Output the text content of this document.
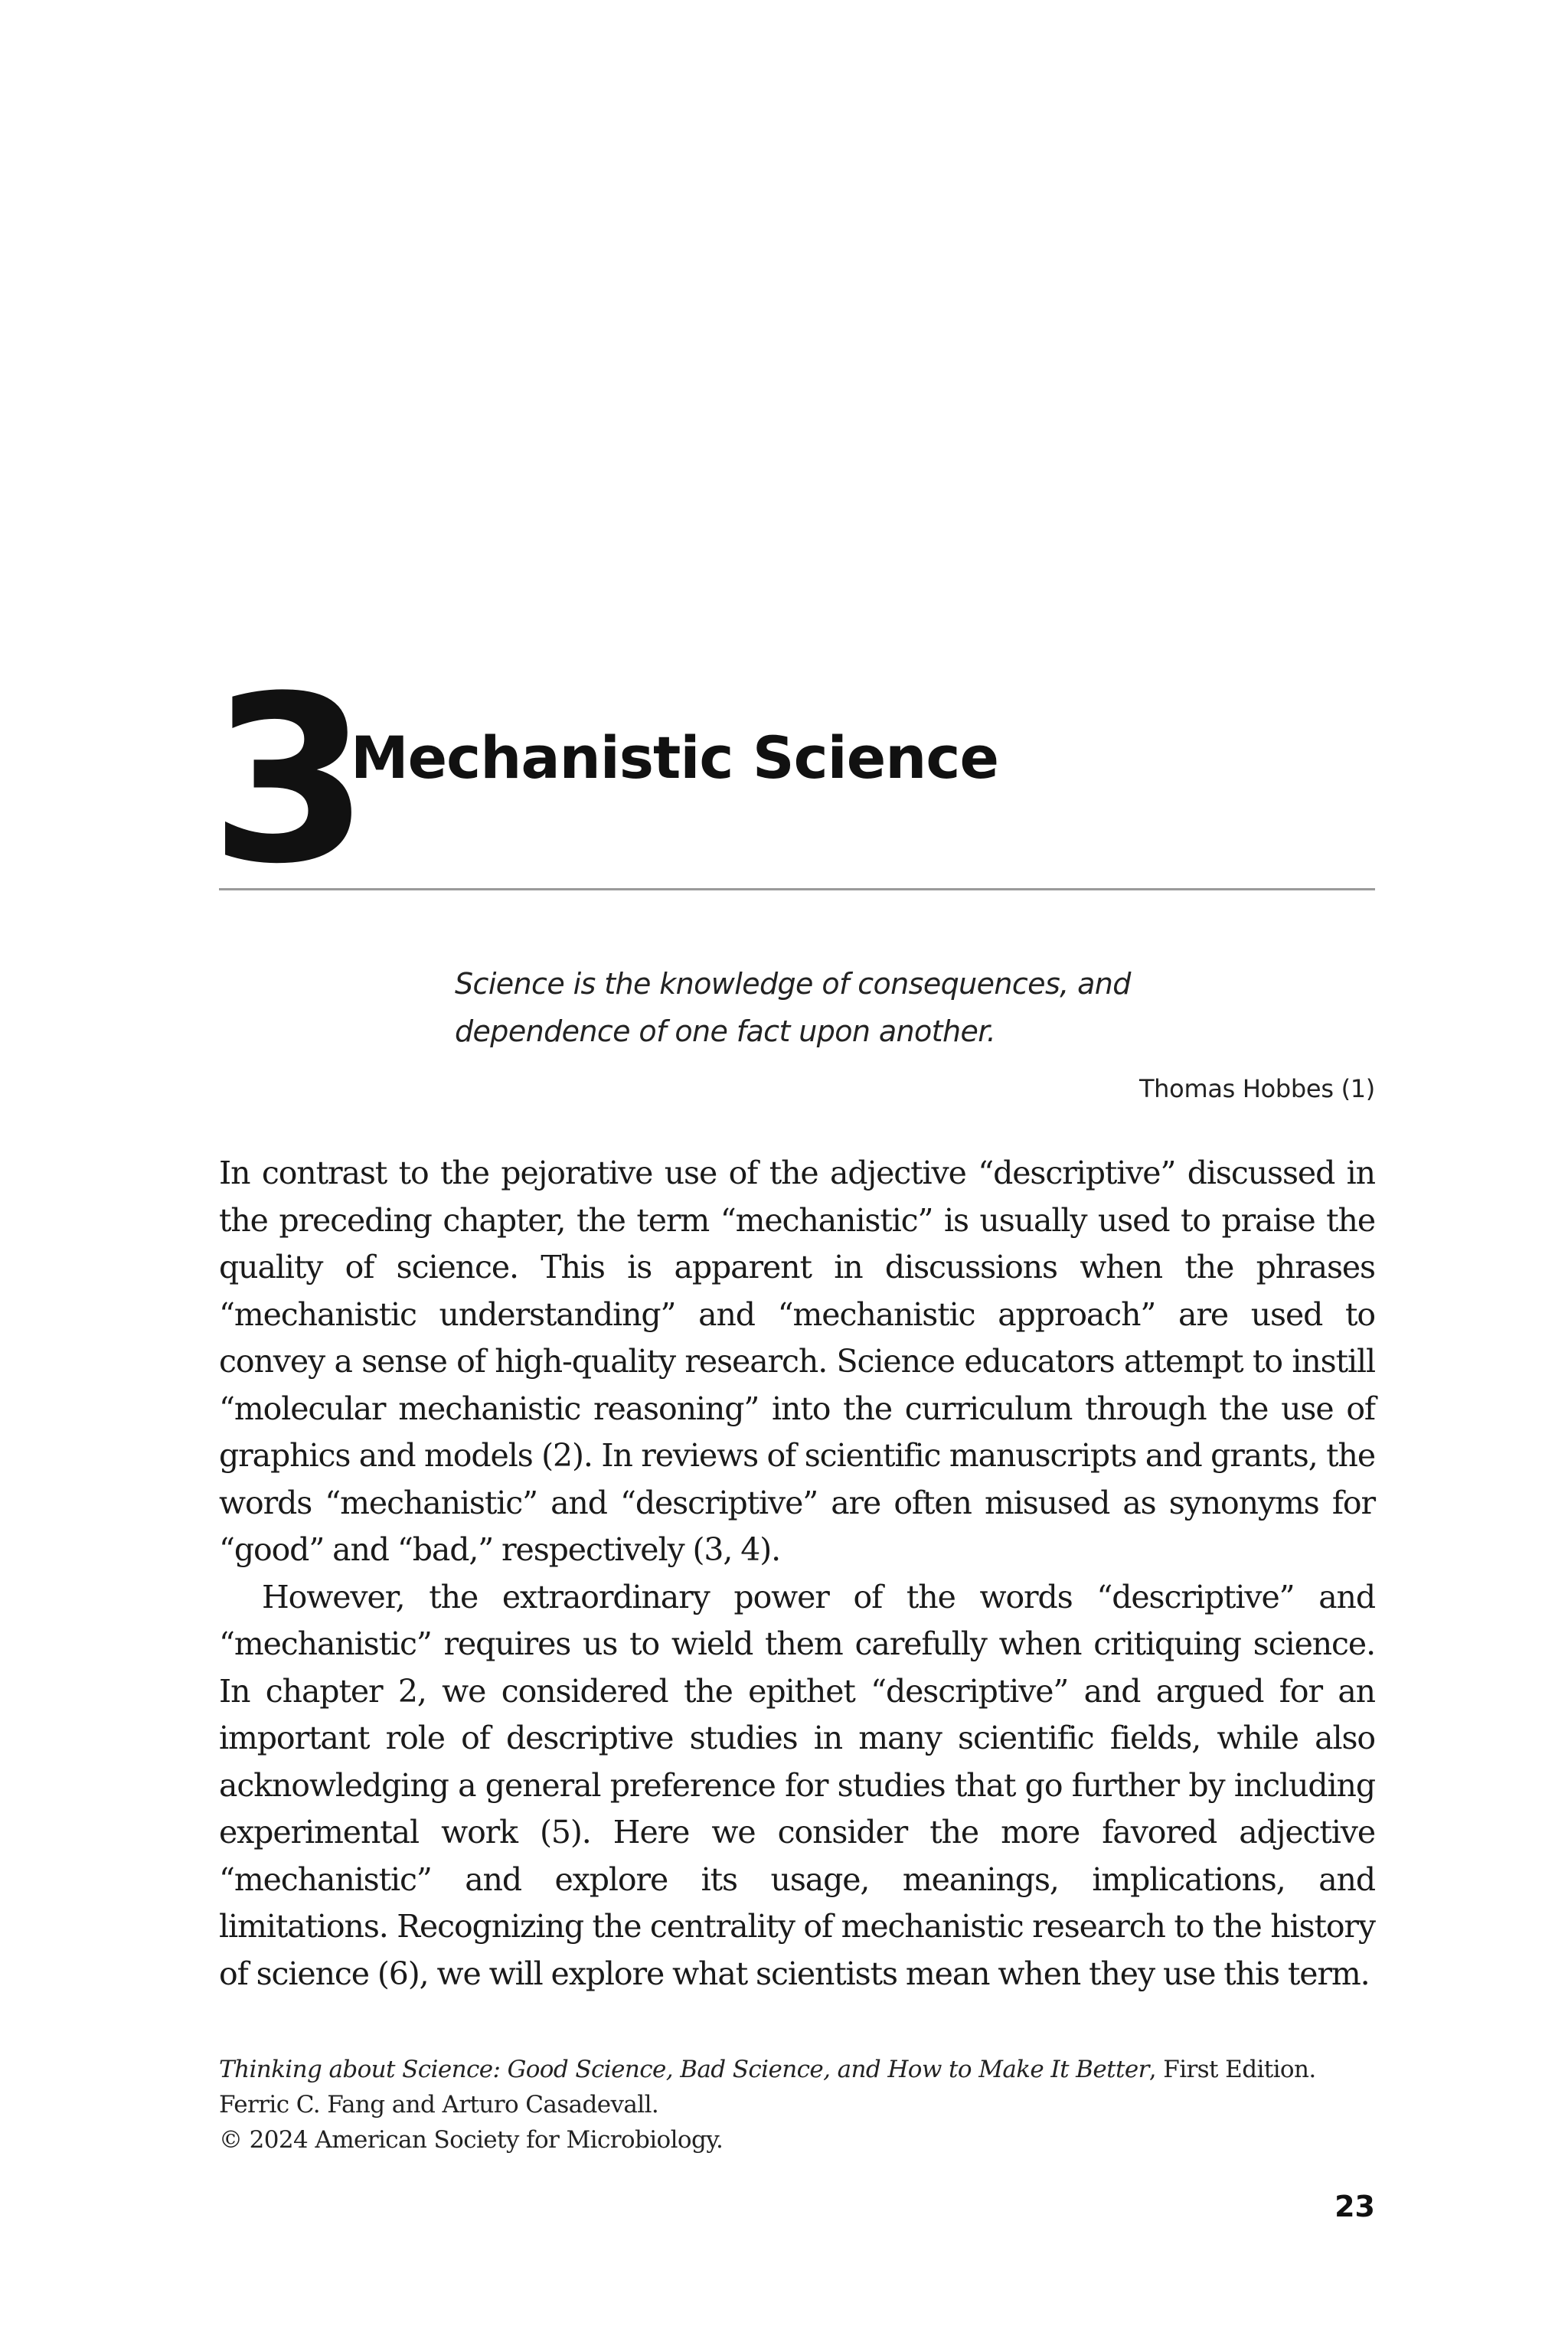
3
Mechanistic Science

Science is the knowledge of consequences, and dependence of one fact upon another.

Thomas Hobbes (1)

In contrast to the pejorative use of the adjective “descriptive” discussed in the preceding chapter, the term “mechanistic” is usually used to praise the quality of science. This is apparent in discussions when the phrases “mechanistic understanding” and “mechanistic approach” are used to convey a sense of high-quality research. Science educators attempt to instill “molecular mechanistic reasoning” into the curriculum through the use of graphics and models (2). In reviews of scientific manuscripts and grants, the words “mechanistic” and “descriptive” are often misused as synonyms for “good” and “bad,” respectively (3, 4).

However, the extraordinary power of the words “descriptive” and “mechanistic” requires us to wield them carefully when critiquing science. In chapter 2, we considered the epithet “descriptive” and argued for an important role of descriptive studies in many scientific fields, while also acknowledging a general preference for studies that go further by including experimental work (5). Here we consider the more favored adjective “mechanistic” and explore its usage, meanings, implications, and limitations. Recognizing the centrality of mechanistic research to the history of science (6), we will explore what scientists mean when they use this term.

Thinking about Science: Good Science, Bad Science, and How to Make It Better, First Edition.
Ferric C. Fang and Arturo Casadevall.
© 2024 American Society for Microbiology.
23
